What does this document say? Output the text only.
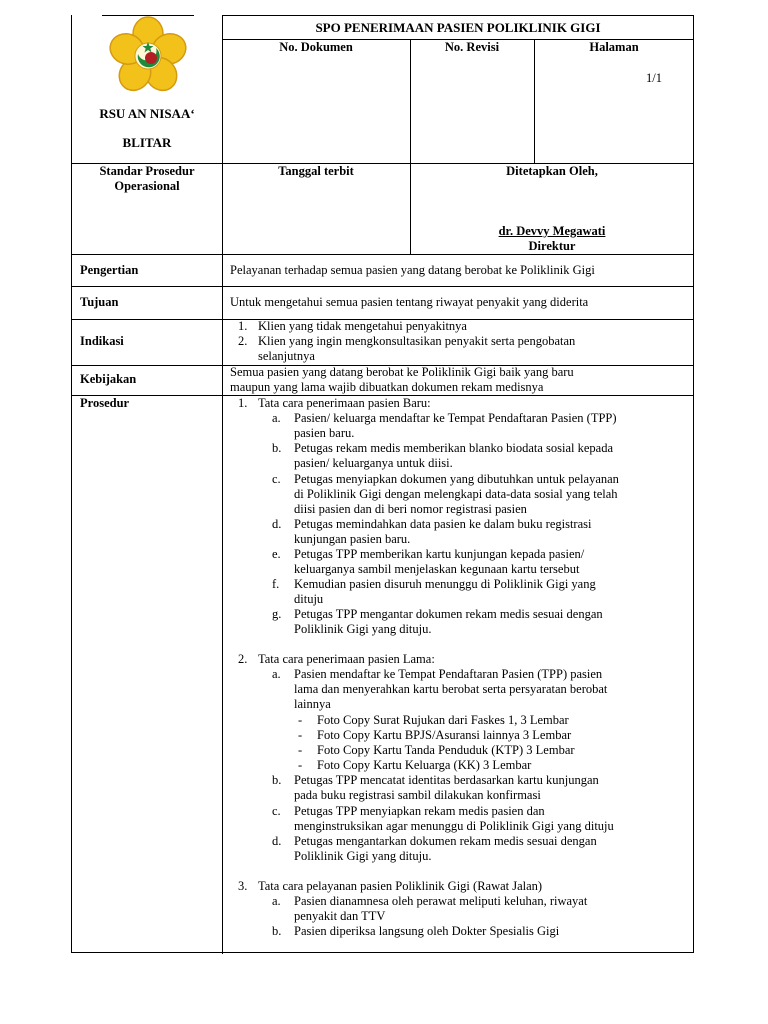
RSU AN NISAA‘
BLITAR
SPO PENERIMAAN PASIEN POLIKLINIK GIGI
No. Dokumen	No. Revisi	Halaman
1/1
Standar Prosedur
Operasional
Tanggal terbit	Ditetapkan Oleh,
dr. Devvy Megawati
Direktur
Pengertian	Pelayanan terhadap semua pasien yang datang berobat ke Poliklinik Gigi
Tujuan	Untuk mengetahui semua pasien tentang riwayat penyakit yang diderita
Indikasi
1. Klien yang tidak mengetahui penyakitnya
2. Klien yang ingin mengkonsultasikan penyakit serta pengobatan
selanjutnya
Kebijakan	Semua pasien yang datang berobat ke Poliklinik Gigi baik yang baru
maupun yang lama wajib dibuatkan dokumen rekam medisnya
Prosedur	1. Tata cara penerimaan pasien Baru:
a. Pasien/ keluarga mendaftar ke Tempat Pendaftaran Pasien (TPP)
pasien baru.
b. Petugas rekam medis memberikan blanko biodata sosial kepada
pasien/ keluarganya untuk diisi.
c. Petugas menyiapkan dokumen yang dibutuhkan untuk pelayanan
di Poliklinik Gigi dengan melengkapi data-data sosial yang telah
diisi pasien dan di beri nomor registrasi pasien
d. Petugas memindahkan data pasien ke dalam buku registrasi
kunjungan pasien baru.
e. Petugas TPP memberikan kartu kunjungan kepada pasien/
keluarganya sambil menjelaskan kegunaan kartu tersebut
f. Kemudian pasien disuruh menunggu di Poliklinik Gigi yang
dituju
g. Petugas TPP mengantar dokumen rekam medis sesuai dengan
Poliklinik Gigi yang dituju.
2. Tata cara penerimaan pasien Lama:
a. Pasien mendaftar ke Tempat Pendaftaran Pasien (TPP) pasien
lama dan menyerahkan kartu berobat serta persyaratan berobat
lainnya
- Foto Copy Surat Rujukan dari Faskes 1, 3 Lembar
- Foto Copy Kartu BPJS/Asuransi lainnya 3 Lembar
- Foto Copy Kartu Tanda Penduduk (KTP) 3 Lembar
- Foto Copy Kartu Keluarga (KK) 3 Lembar
b. Petugas TPP mencatat identitas berdasarkan kartu kunjungan
pada buku registrasi sambil dilakukan konfirmasi
c. Petugas TPP menyiapkan rekam medis pasien dan
menginstruksikan agar menunggu di Poliklinik Gigi yang dituju
d. Petugas mengantarkan dokumen rekam medis sesuai dengan
Poliklinik Gigi yang dituju.
3. Tata cara pelayanan pasien Poliklinik Gigi (Rawat Jalan)
a. Pasien dianamnesa oleh perawat meliputi keluhan, riwayat
penyakit dan TTV
b. Pasien diperiksa langsung oleh Dokter Spesialis Gigi
